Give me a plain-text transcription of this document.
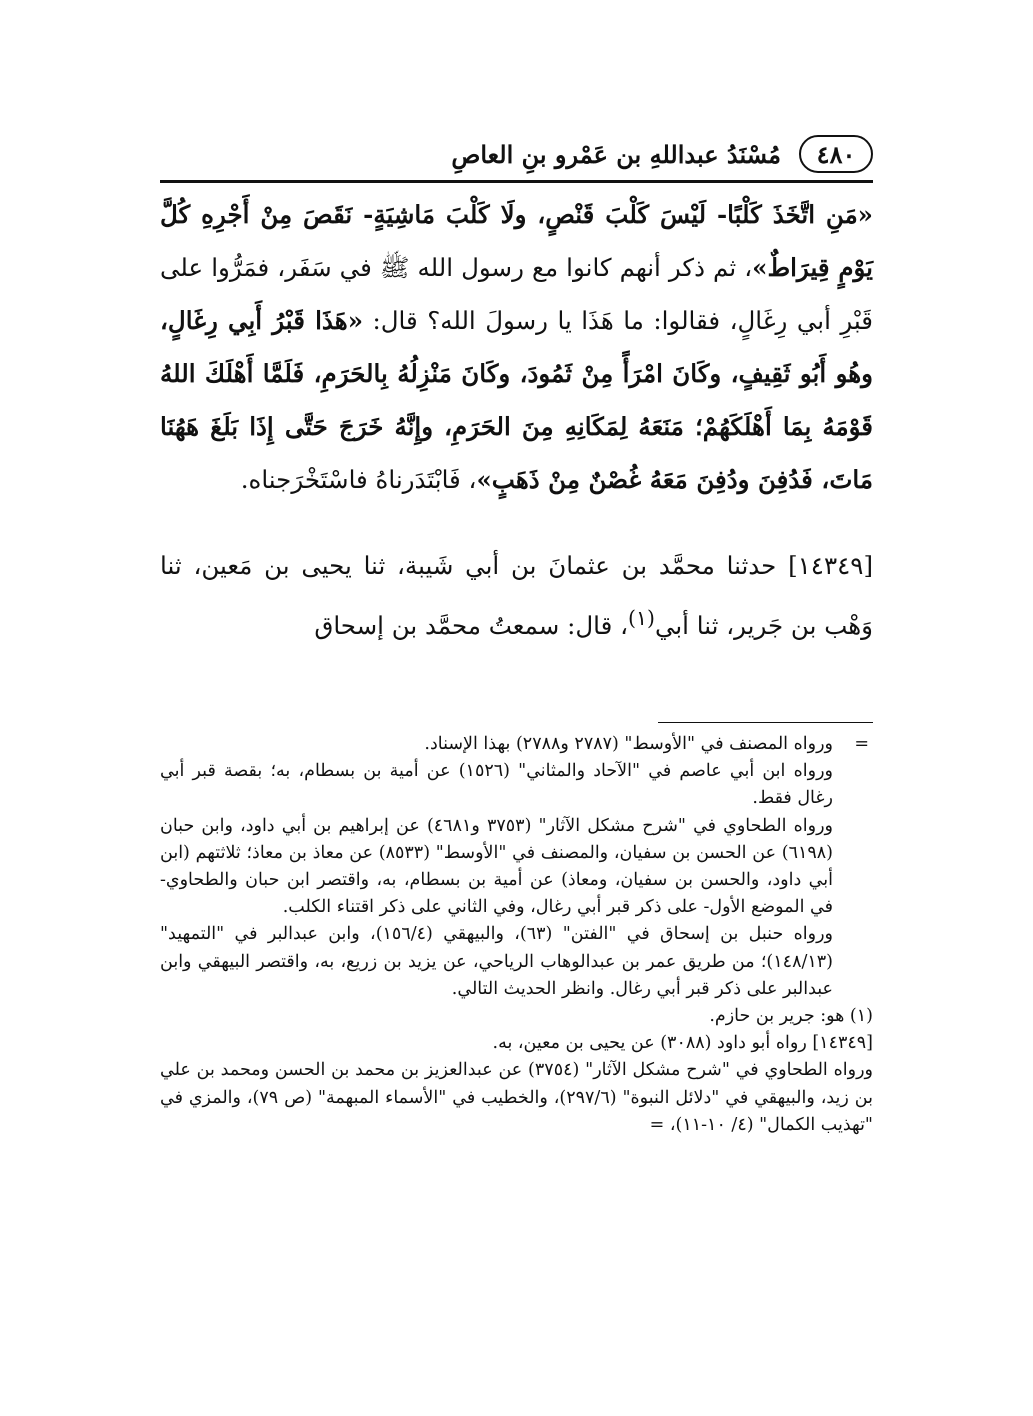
٤٨٠
مُسْنَدُ عبداللهِ بن عَمْرو بنِ العاصِ

«مَنِ اتَّخَذَ كَلْبًا- لَيْسَ كَلْبَ قَنْصٍ، ولَا كَلْبَ مَاشِيَةٍ- نَقَصَ مِنْ أَجْرِهِ كُلَّ يَوْمٍ قِيرَاطٌ»، ثم ذكر أنهم كانوا مع رسول الله ﷺ في سَفَر، فمَرُّوا على قَبْرِ أبي رِغَالٍ، فقالوا: ما هَذَا يا رسولَ الله؟ قال: «هَذَا قَبْرُ أَبِي رِغَالٍ، وهُو أَبُو ثَقِيفٍ، وكَانَ امْرَأً مِنْ ثَمُودَ، وكَانَ مَنْزِلُهُ بِالحَرَمِ، فَلَمَّا أَهْلَكَ اللهُ قَوْمَهُ بِمَا أَهْلَكَهُمْ؛ مَنَعَهُ لِمَكَانِهِ مِنَ الحَرَمِ، وإِنَّهُ خَرَجَ حَتَّى إِذَا بَلَغَ هَهُنَا مَاتَ، فَدُفِنَ ودُفِنَ مَعَهُ غُصْنٌ مِنْ ذَهَبٍ»، فَابْتَدَرناهُ فاسْتَخْرَجناه.

[١٤٣٤٩] حدثنا محمَّد بن عثمانَ بن أبي شَيبة، ثنا يحيى بن مَعين، ثنا وَهْب بن جَرير، ثنا أبي$^{(١)}$، قال: سمعتُ محمَّد بن إسحاق

=
ورواه المصنف في "الأوسط" (٢٧٨٧ و٢٧٨٨) بهذا الإسناد.

ورواه ابن أبي عاصم في "الآحاد والمثاني" (١٥٢٦) عن أمية بن بسطام، به؛ بقصة قبر أبي رغال فقط.

ورواه الطحاوي في "شرح مشكل الآثار" (٣٧٥٣ و٤٦٨١) عن إبراهيم بن أبي داود، وابن حبان (٦١٩٨) عن الحسن بن سفيان، والمصنف في "الأوسط" (٨٥٣٣) عن معاذ بن معاذ؛ ثلاثتهم (ابن أبي داود، والحسن بن سفيان، ومعاذ) عن أمية بن بسطام، به، واقتصر ابن حبان والطحاوي- في الموضع الأول- على ذكر قبر أبي رغال، وفي الثاني على ذكر اقتناء الكلب.

ورواه حنبل بن إسحاق في "الفتن" (٦٣)، والبيهقي (١٥٦/٤)، وابن عبدالبر في "التمهيد" (١٤٨/١٣)؛ من طريق عمر بن عبدالوهاب الرياحي، عن يزيد بن زريع، به، واقتصر البيهقي وابن عبدالبر على ذكر قبر أبي رغال. وانظر الحديث التالي.

(١) هو: جرير بن حازم.

[١٤٣٤٩] رواه أبو داود (٣٠٨٨) عن يحيى بن معين، به.

ورواه الطحاوي في "شرح مشكل الآثار" (٣٧٥٤) عن عبدالعزيز بن محمد بن الحسن ومحمد بن علي بن زيد، والبيهقي في "دلائل النبوة" (٢٩٧/٦)، والخطيب في "الأسماء المبهمة" (ص ٧٩)، والمزي في "تهذيب الكمال" (٤/ ١٠-١١)، =
